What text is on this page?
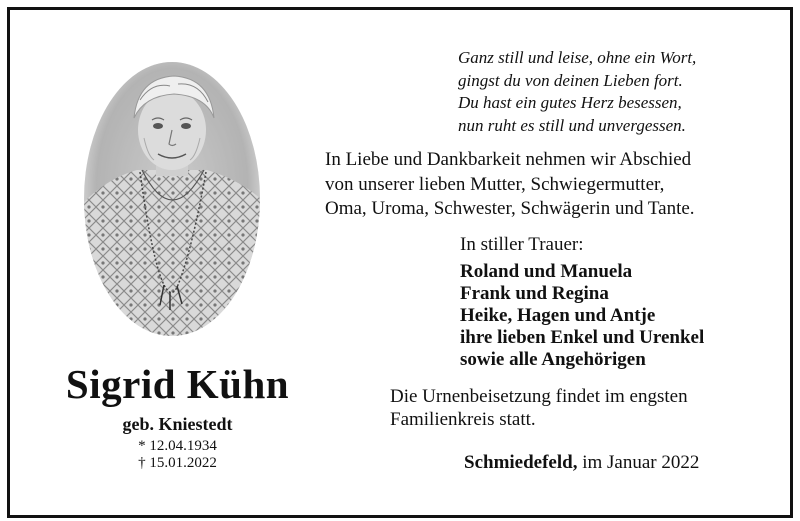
Sigrid Kühn
geb. Kniestedt
* 12.04.1934
† 15.01.2022
Ganz still und leise, ohne ein Wort,
gingst du von deinen Lieben fort.
Du hast ein gutes Herz besessen,
nun ruht es still und unvergessen.
In Liebe und Dankbarkeit nehmen wir Abschied
von unserer lieben Mutter, Schwiegermutter,
Oma, Uroma, Schwester, Schwägerin und Tante.
In stiller Trauer:
Roland und Manuela
Frank und Regina
Heike, Hagen und Antje
ihre lieben Enkel und Urenkel
sowie alle Angehörigen
Die Urnenbeisetzung findet im engsten
Familienkreis statt.
Schmiedefeld, im Januar 2022
